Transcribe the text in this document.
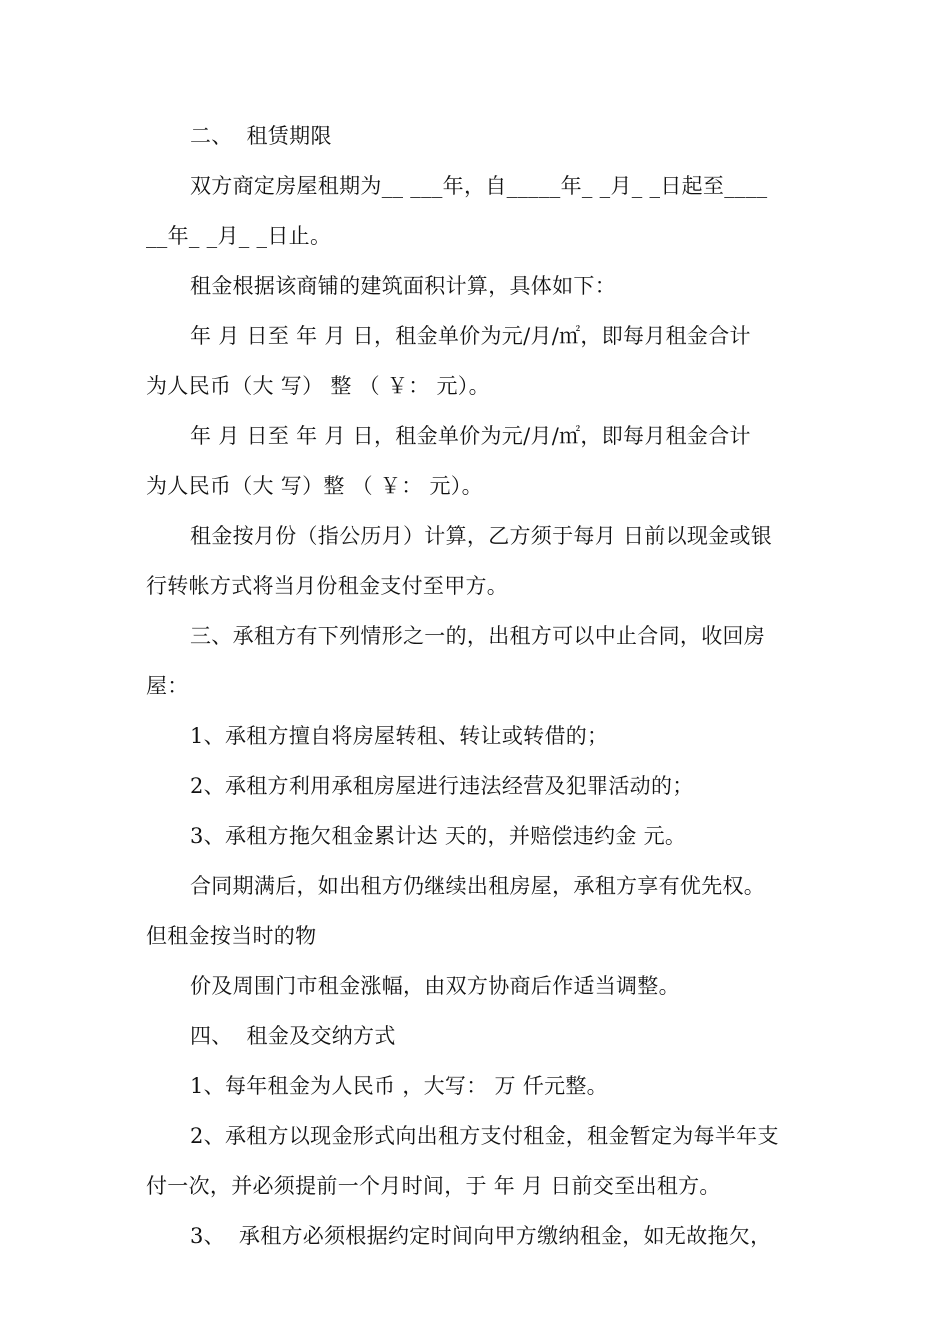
二、  租赁期限
双方商定房屋租期为__ ___年，自_____年_ _月_ _日起至____
__年_ _月_ _日止。
租金根据该商铺的建筑面积计算，具体如下：
年 月 日至 年 月 日，租金单价为元/月/㎡，即每月租金合计
为人民币（大 写） 整 （ ￥： 元）。
年 月 日至 年 月 日，租金单价为元/月/㎡，即每月租金合计
为人民币（大 写）整 （ ￥： 元）。
租金按月份（指公历月）计算，乙方须于每月 日前以现金或银
行转帐方式将当月份租金支付至甲方。
三、承租方有下列情形之一的，出租方可以中止合同，收回房
屋：
1、承租方擅自将房屋转租、转让或转借的；
2、承租方利用承租房屋进行违法经营及犯罪活动的；
3、承租方拖欠租金累计达 天的，并赔偿违约金 元。
合同期满后，如出租方仍继续出租房屋，承租方享有优先权。
但租金按当时的物
价及周围门市租金涨幅，由双方协商后作适当调整。
四、  租金及交纳方式
1、每年租金为人民币 ，大写： 万 仟元整。
2、承租方以现金形式向出租方支付租金，租金暂定为每半年支
付一次，并必须提前一个月时间，于 年 月 日前交至出租方。
3、  承租方必须根据约定时间向甲方缴纳租金，如无故拖欠，
